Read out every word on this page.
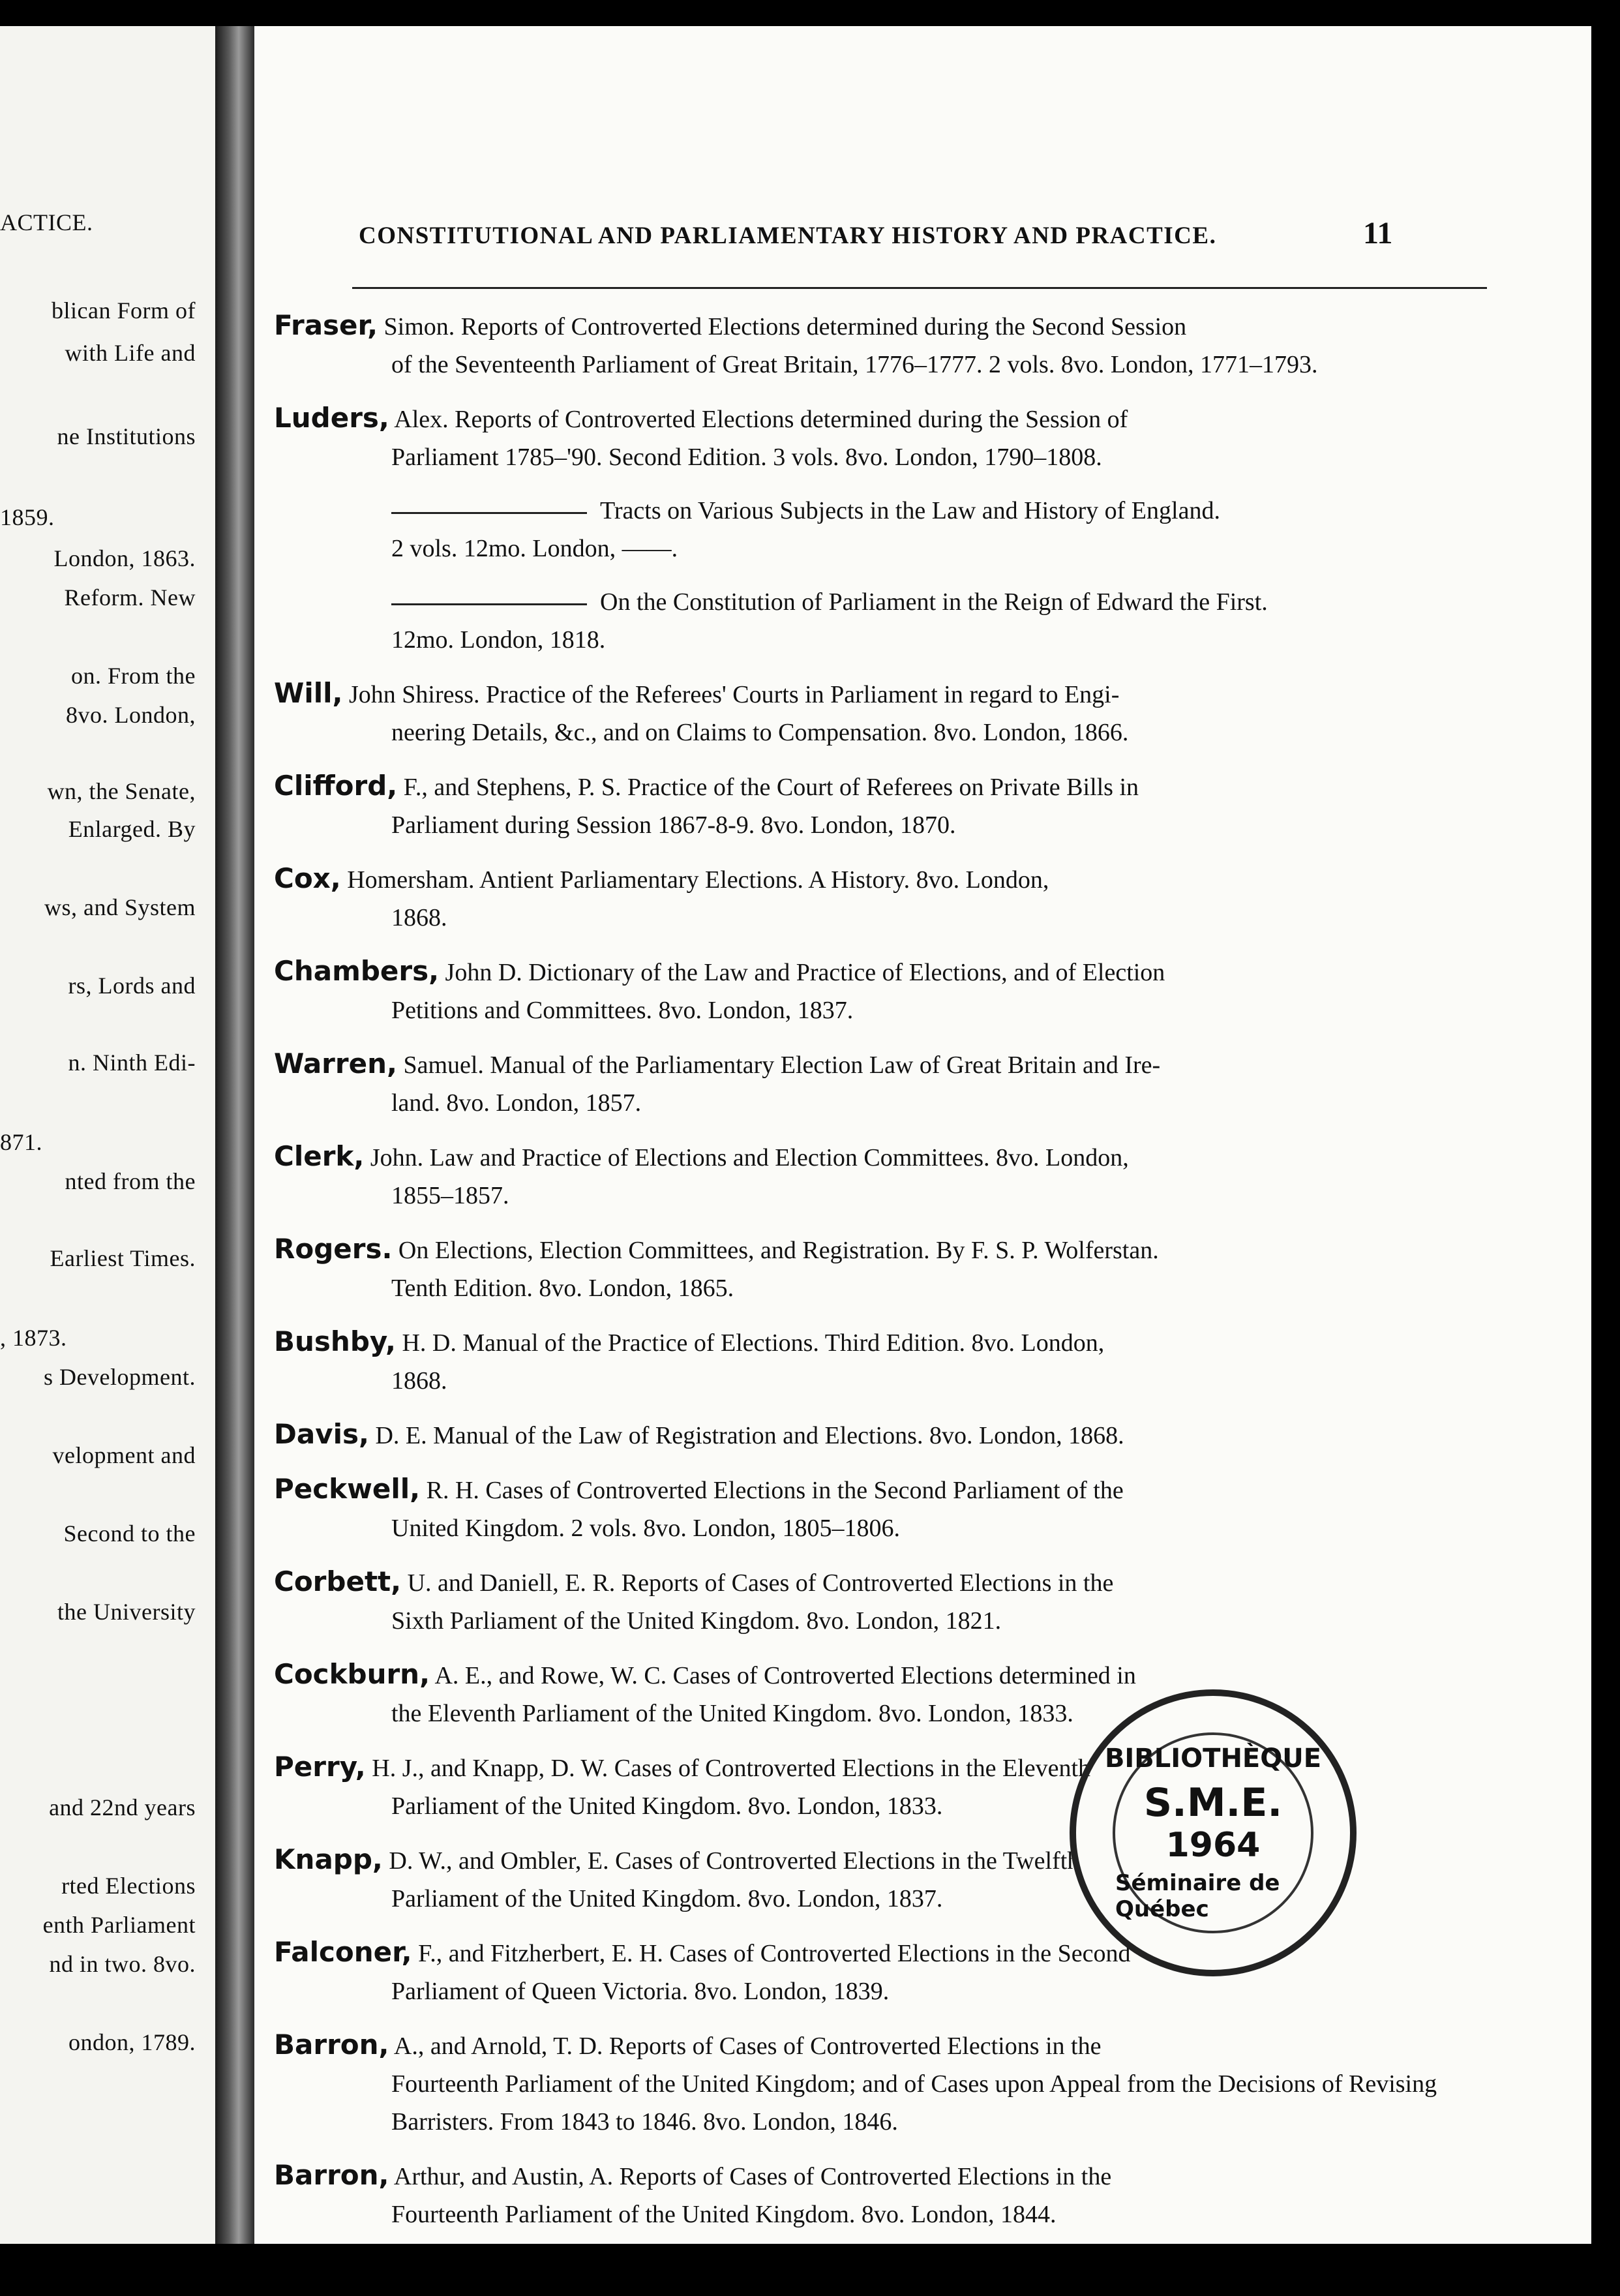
ACTICE.
blican Form of
with Life and
ne Institutions
1859.
London, 1863.
Reform. New
on. From the
8vo. London,
wn, the Senate,
Enlarged. By
ws, and System
rs, Lords and
n. Ninth Edi-
871.
nted from the
Earliest Times.
, 1873.
s Development.
velopment and
Second to the
the University
and 22nd years
rted Elections
enth Parliament
nd in two. 8vo.
ondon, 1789.
CONSTITUTIONAL AND PARLIAMENTARY HISTORY AND PRACTICE.	11
Fraser, Simon. Reports of Controverted Elections determined during the Second Session
of the Seventeenth Parliament of Great Britain, 1776–1777. 2 vols. 8vo. London, 1771–1793.
Luders, Alex. Reports of Controverted Elections determined during the Session of
Parliament 1785–'90. Second Edition. 3 vols. 8vo. London, 1790–1808.
Tracts on Various Subjects in the Law and History of England.
2 vols. 12mo. London, ——.
On the Constitution of Parliament in the Reign of Edward the First.
12mo. London, 1818.
Will, John Shiress. Practice of the Referees' Courts in Parliament in regard to Engi-
neering Details, &c., and on Claims to Compensation. 8vo. London, 1866.
Clifford, F., and Stephens, P. S. Practice of the Court of Referees on Private Bills in
Parliament during Session 1867-8-9. 8vo. London, 1870.
Cox, Homersham. Antient Parliamentary Elections. A History. 8vo. London,
1868.
Chambers, John D. Dictionary of the Law and Practice of Elections, and of Election
Petitions and Committees. 8vo. London, 1837.
Warren, Samuel. Manual of the Parliamentary Election Law of Great Britain and Ire-
land. 8vo. London, 1857.
Clerk, John. Law and Practice of Elections and Election Committees. 8vo. London,
1855–1857.
Rogers. On Elections, Election Committees, and Registration. By F. S. P. Wolferstan.
Tenth Edition. 8vo. London, 1865.
Bushby, H. D. Manual of the Practice of Elections. Third Edition. 8vo. London,
1868.
Davis, D. E. Manual of the Law of Registration and Elections. 8vo. London, 1868.
Peckwell, R. H. Cases of Controverted Elections in the Second Parliament of the
United Kingdom. 2 vols. 8vo. London, 1805–1806.
Corbett, U. and Daniell, E. R. Reports of Cases of Controverted Elections in the
Sixth Parliament of the United Kingdom. 8vo. London, 1821.
Cockburn, A. E., and Rowe, W. C. Cases of Controverted Elections determined in
the Eleventh Parliament of the United Kingdom. 8vo. London, 1833.
Perry, H. J., and Knapp, D. W. Cases of Controverted Elections in the Eleventh
Parliament of the United Kingdom. 8vo. London, 1833.
Knapp, D. W., and Ombler, E. Cases of Controverted Elections in the Twelfth
Parliament of the United Kingdom. 8vo. London, 1837.
Falconer, F., and Fitzherbert, E. H. Cases of Controverted Elections in the Second
Parliament of Queen Victoria. 8vo. London, 1839.
Barron, A., and Arnold, T. D. Reports of Cases of Controverted Elections in the
Fourteenth Parliament of the United Kingdom; and of Cases upon Appeal from the Decisions of Revising Barristers. From 1843 to 1846. 8vo. London, 1846.
Barron, Arthur, and Austin, A. Reports of Cases of Controverted Elections in the
Fourteenth Parliament of the United Kingdom. 8vo. London, 1844.
BIBLIOTHÈQUE
S.M.E.
1964
Séminaire de Québec
